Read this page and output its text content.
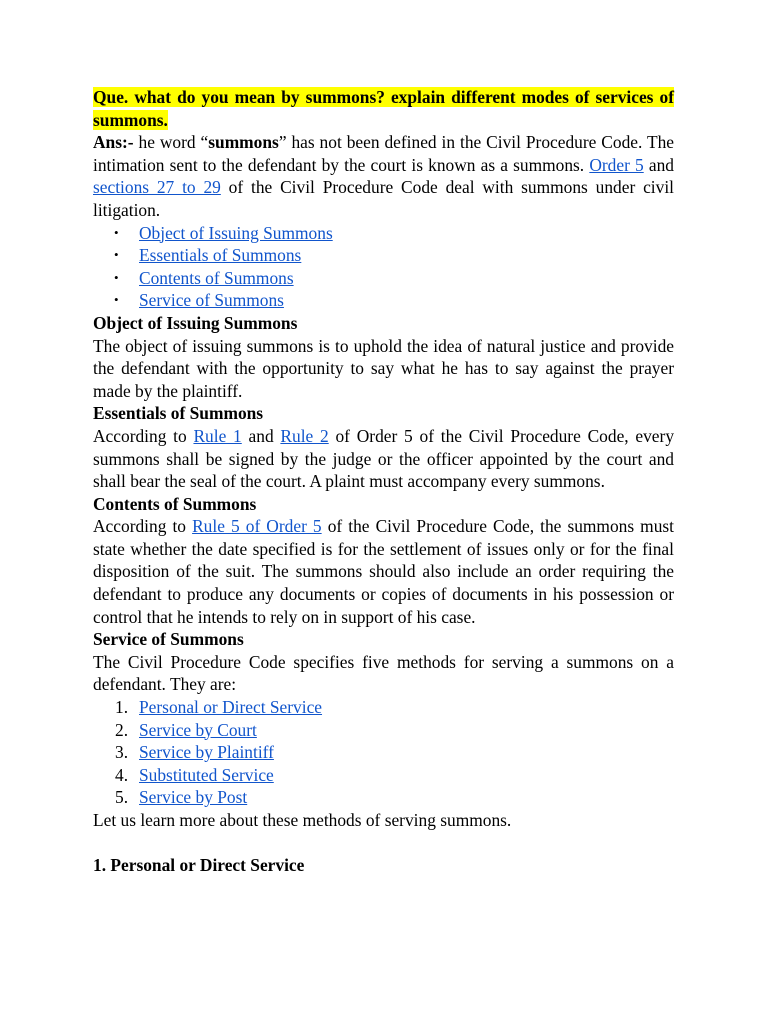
Que. what do you mean by summons? explain different modes of services of summons.

Ans:- he word “summons” has not been defined in the Civil Procedure Code. The intimation sent to the defendant by the court is known as a summons. Order 5 and sections 27 to 29 of the Civil Procedure Code deal with summons under civil litigation.

• Object of Issuing Summons
• Essentials of Summons
• Contents of Summons
• Service of Summons

Object of Issuing Summons

The object of issuing summons is to uphold the idea of natural justice and provide the defendant with the opportunity to say what he has to say against the prayer made by the plaintiff.

Essentials of Summons

According to Rule 1 and Rule 2 of Order 5 of the Civil Procedure Code, every summons shall be signed by the judge or the officer appointed by the court and shall bear the seal of the court. A plaint must accompany every summons.

Contents of Summons

According to Rule 5 of Order 5 of the Civil Procedure Code, the summons must state whether the date specified is for the settlement of issues only or for the final disposition of the suit. The summons should also include an order requiring the defendant to produce any documents or copies of documents in his possession or control that he intends to rely on in support of his case.

Service of Summons

The Civil Procedure Code specifies five methods for serving a summons on a defendant. They are:

1. Personal or Direct Service
2. Service by Court
3. Service by Plaintiff
4. Substituted Service
5. Service by Post

Let us learn more about these methods of serving summons.

1. Personal or Direct Service
